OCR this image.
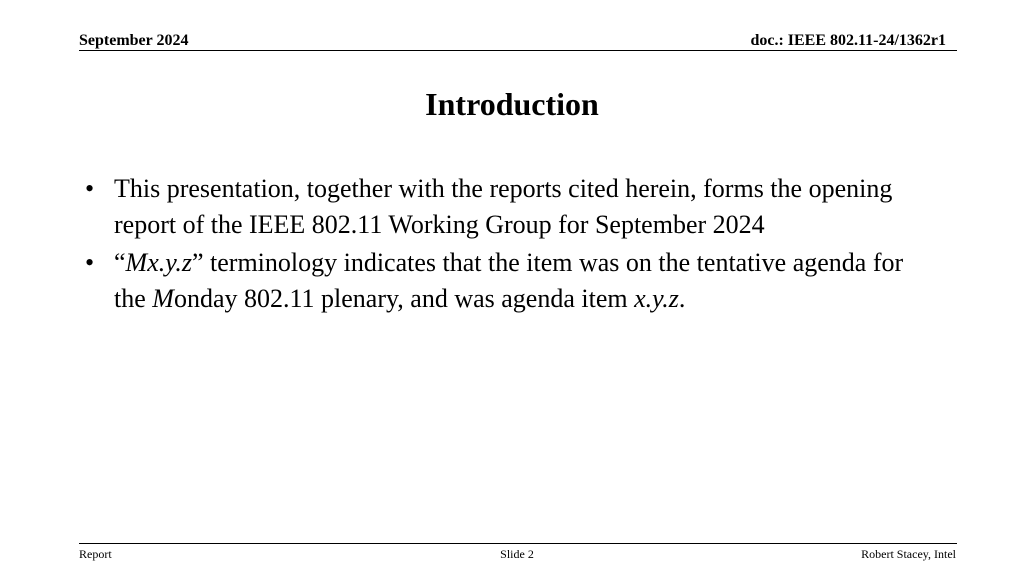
September 2024	doc.: IEEE 802.11-24/1362r1
Introduction
• This presentation, together with the reports cited herein, forms the opening report of the IEEE 802.11 Working Group for September 2024
• “Mx.y.z” terminology indicates that the item was on the tentative agenda for the Monday 802.11 plenary, and was agenda item x.y.z.
Report	Slide 2	Robert Stacey, Intel
